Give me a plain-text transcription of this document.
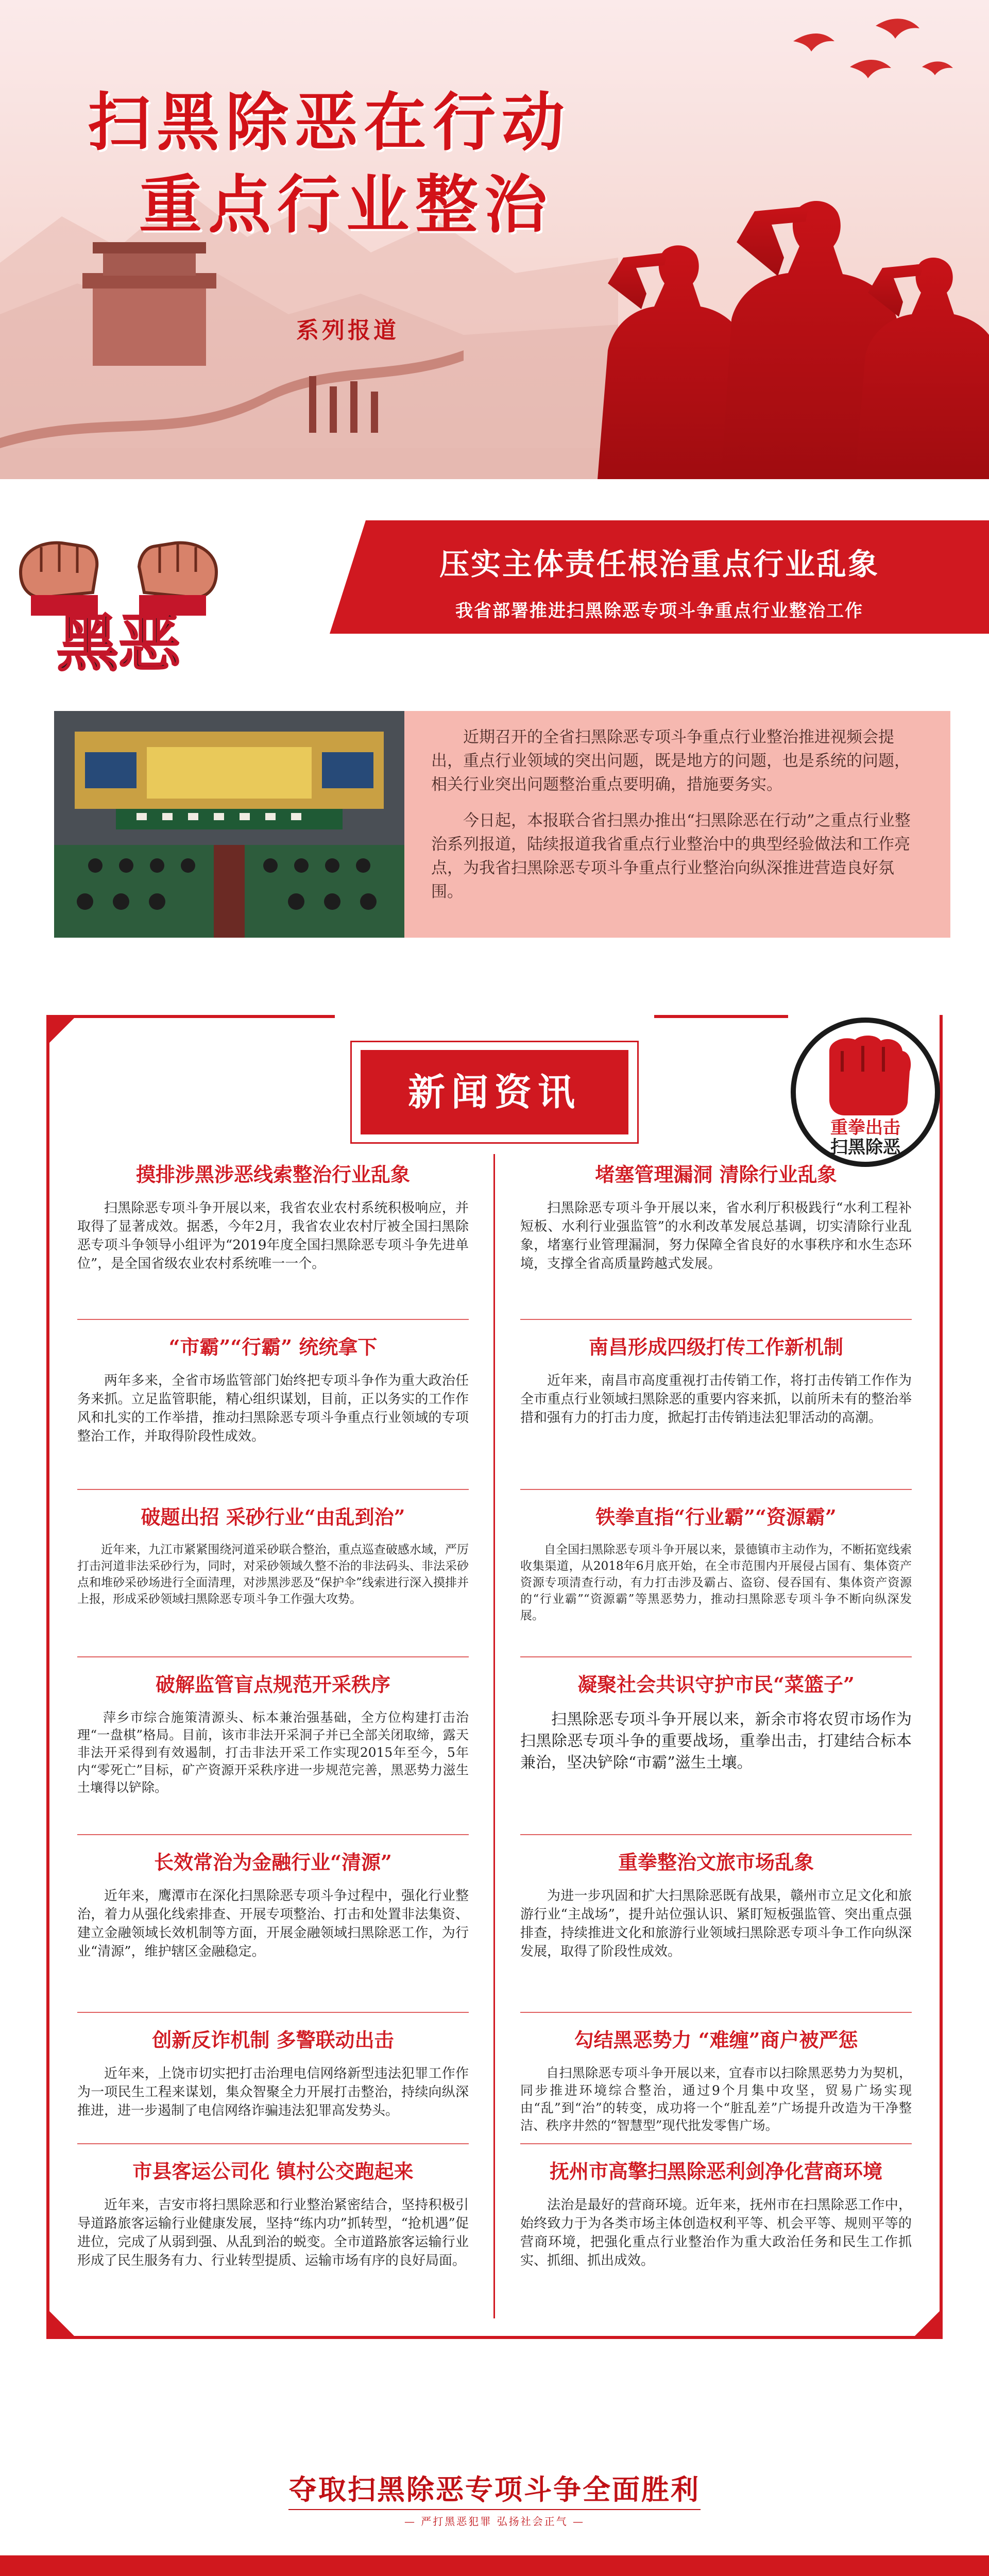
扫黑除恶在行动
重点行业整治
系列报道
黑恶
压实主体责任根治重点行业乱象
我省部署推进扫黑除恶专项斗争重点行业整治工作

近期召开的全省扫黑除恶专项斗争重点行业整治推进视频会提出，重点行业领域的突出问题，既是地方的问题，也是系统的问题，相关行业突出问题整治重点要明确，措施要务实。

今日起，本报联合省扫黑办推出“扫黑除恶在行动”之重点行业整治系列报道，陆续报道我省重点行业整治中的典型经验做法和工作亮点，为我省扫黑除恶专项斗争重点行业整治向纵深推进营造良好氛围。

新闻资讯
重拳出击
扫黑除恶
摸排涉黑涉恶线索整治行业乱象

扫黑除恶专项斗争开展以来，我省农业农村系统积极响应，并取得了显著成效。据悉，今年2月，我省农业农村厅被全国扫黑除恶专项斗争领导小组评为“2019年度全国扫黑除恶专项斗争先进单位”，是全国省级农业农村系统唯一一个。

“市霸”“行霸” 统统拿下

两年多来，全省市场监管部门始终把专项斗争作为重大政治任务来抓。立足监管职能，精心组织谋划，目前，正以务实的工作作风和扎实的工作举措，推动扫黑除恶专项斗争重点行业领域的专项整治工作，并取得阶段性成效。

破题出招 采砂行业“由乱到治”

近年来，九江市紧紧围绕河道采砂联合整治，重点巡查破感水域，严厉打击河道非法采砂行为，同时，对采砂领域久整不治的非法码头、非法采砂点和堆砂采砂场进行全面清理，对涉黑涉恶及“保护伞”线索进行深入摸排并上报，形成采砂领域扫黑除恶专项斗争工作强大攻势。

破解监管盲点规范开采秩序

萍乡市综合施策清源头、标本兼治强基础，全方位构建打击治理“一盘棋”格局。目前，该市非法开采洞子并已全部关闭取缔，露天非法开采得到有效遏制，打击非法开采工作实现2015年至今，5年内“零死亡”目标，矿产资源开采秩序进一步规范完善，黑恶势力滋生土壤得以铲除。

长效常治为金融行业“清源”

近年来，鹰潭市在深化扫黑除恶专项斗争过程中，强化行业整治，着力从强化线索排查、开展专项整治、打击和处置非法集资、建立金融领域长效机制等方面，开展金融领域扫黑除恶工作，为行业“清源”，维护辖区金融稳定。

创新反诈机制 多警联动出击

近年来，上饶市切实把打击治理电信网络新型违法犯罪工作作为一项民生工程来谋划，集众智聚全力开展打击整治，持续向纵深推进，进一步遏制了电信网络诈骗违法犯罪高发势头。

市县客运公司化 镇村公交跑起来

近年来，吉安市将扫黑除恶和行业整治紧密结合，坚持积极引导道路旅客运输行业健康发展，坚持“练内功”抓转型，“抢机遇”促进位，完成了从弱到强、从乱到治的蜕变。全市道路旅客运输行业形成了民生服务有力、行业转型提质、运输市场有序的良好局面。

堵塞管理漏洞 清除行业乱象

扫黑除恶专项斗争开展以来，省水利厅积极践行“水利工程补短板、水利行业强监管”的水利改革发展总基调，切实清除行业乱象，堵塞行业管理漏洞，努力保障全省良好的水事秩序和水生态环境，支撑全省高质量跨越式发展。

南昌形成四级打传工作新机制

近年来，南昌市高度重视打击传销工作，将打击传销工作作为全市重点行业领域扫黑除恶的重要内容来抓，以前所未有的整治举措和强有力的打击力度，掀起打击传销违法犯罪活动的高潮。

铁拳直指“行业霸”“资源霸”

自全国扫黑除恶专项斗争开展以来，景德镇市主动作为，不断拓宽线索收集渠道，从2018年6月底开始，在全市范围内开展侵占国有、集体资产资源专项清查行动，有力打击涉及霸占、盗窃、侵吞国有、集体资产资源的“行业霸”“资源霸”等黑恶势力，推动扫黑除恶专项斗争不断向纵深发展。

凝聚社会共识守护市民“菜篮子”

扫黑除恶专项斗争开展以来，新余市将农贸市场作为扫黑除恶专项斗争的重要战场，重拳出击，打建结合标本兼治，坚决铲除“市霸”滋生土壤。

重拳整治文旅市场乱象

为进一步巩固和扩大扫黑除恶既有战果，赣州市立足文化和旅游行业“主战场”，提升站位强认识、紧盯短板强监管、突出重点强排查，持续推进文化和旅游行业领域扫黑除恶专项斗争工作向纵深发展，取得了阶段性成效。

勾结黑恶势力 “难缠”商户被严惩

自扫黑除恶专项斗争开展以来，宜春市以扫除黑恶势力为契机，同步推进环境综合整治，通过9个月集中攻坚，贸易广场实现由“乱”到“治”的转变，成功将一个“脏乱差”广场提升改造为干净整洁、秩序井然的“智慧型”现代批发零售广场。

抚州市高擎扫黑除恶利剑净化营商环境

法治是最好的营商环境。近年来，抚州市在扫黑除恶工作中，始终致力于为各类市场主体创造权利平等、机会平等、规则平等的营商环境，把强化重点行业整治作为重大政治任务和民生工作抓实、抓细、抓出成效。

夺取扫黑除恶专项斗争全面胜利
— 严打黑恶犯罪 弘扬社会正气 —
